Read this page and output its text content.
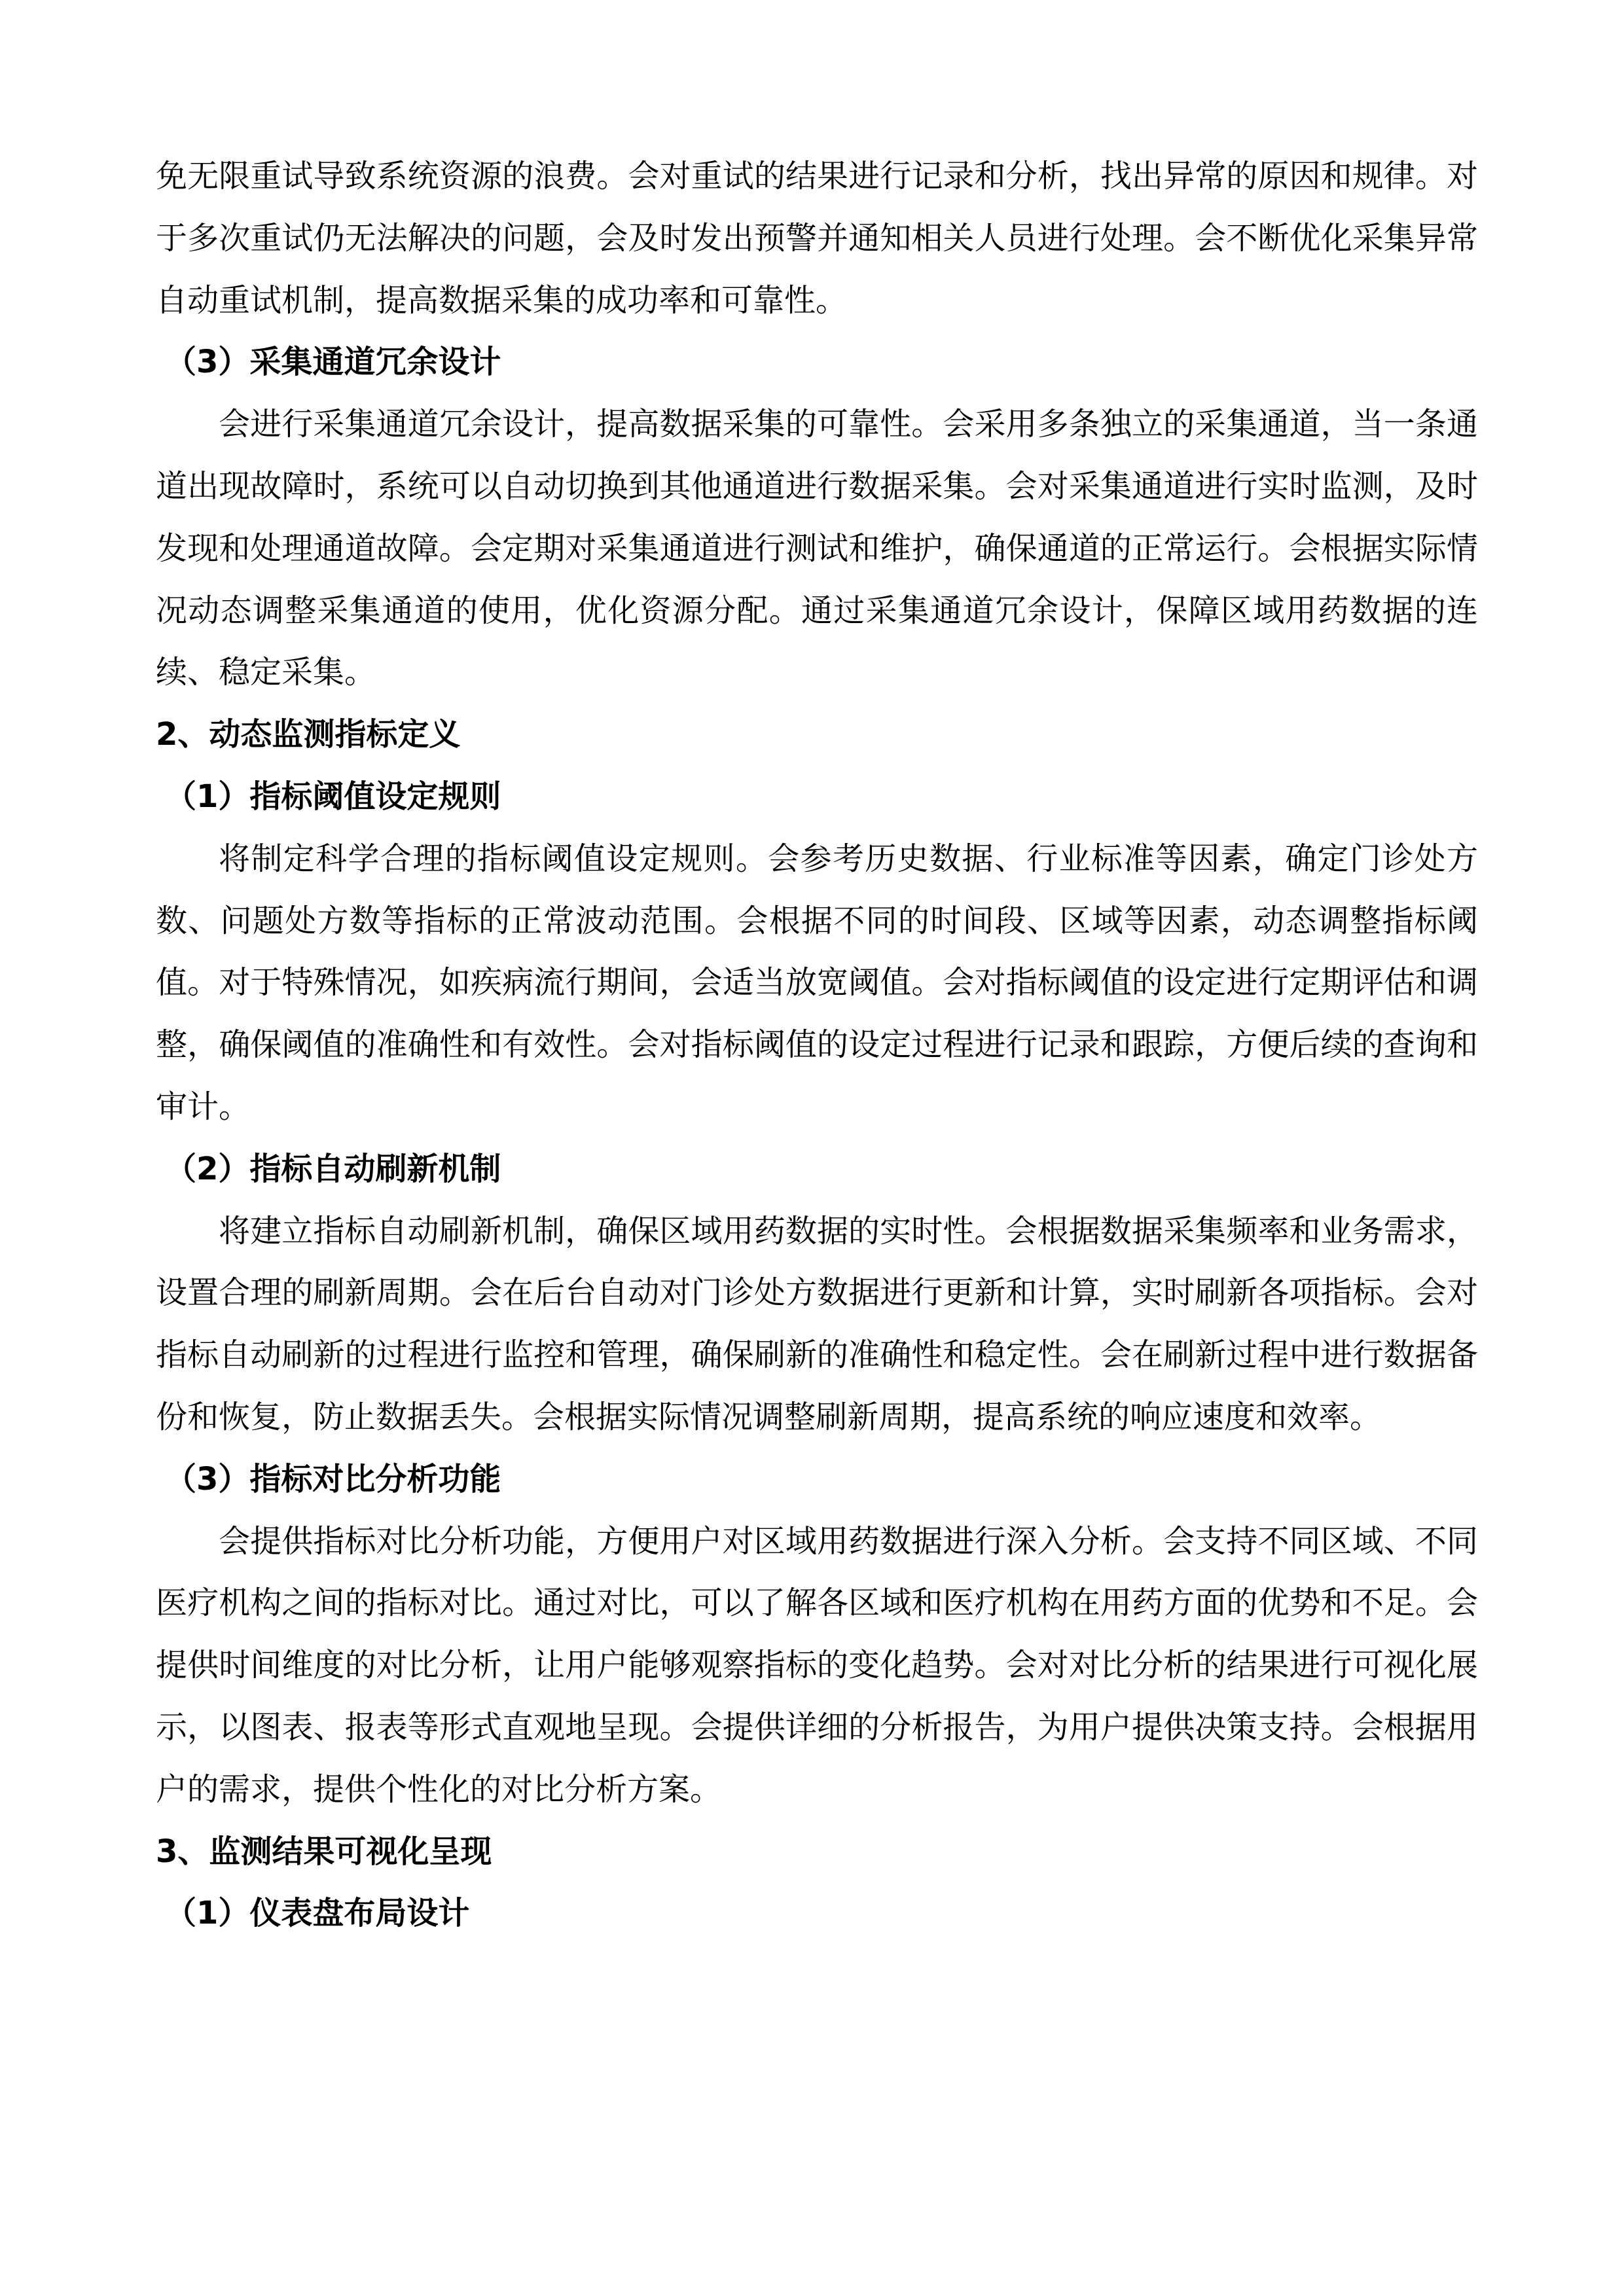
免无限重试导致系统资源的浪费。会对重试的结果进行记录和分析，找出异常的原因和规律。对于多次重试仍无法解决的问题，会及时发出预警并通知相关人员进行处理。会不断优化采集异常自动重试机制，提高数据采集的成功率和可靠性。

（3）采集通道冗余设计

会进行采集通道冗余设计，提高数据采集的可靠性。会采用多条独立的采集通道，当一条通道出现故障时，系统可以自动切换到其他通道进行数据采集。会对采集通道进行实时监测，及时发现和处理通道故障。会定期对采集通道进行测试和维护，确保通道的正常运行。会根据实际情况动态调整采集通道的使用，优化资源分配。通过采集通道冗余设计，保障区域用药数据的连续、稳定采集。

2、动态监测指标定义
（1）指标阈值设定规则

将制定科学合理的指标阈值设定规则。会参考历史数据、行业标准等因素，确定门诊处方数、问题处方数等指标的正常波动范围。会根据不同的时间段、区域等因素，动态调整指标阈值。对于特殊情况，如疾病流行期间，会适当放宽阈值。会对指标阈值的设定进行定期评估和调整，确保阈值的准确性和有效性。会对指标阈值的设定过程进行记录和跟踪，方便后续的查询和审计。

（2）指标自动刷新机制

将建立指标自动刷新机制，确保区域用药数据的实时性。会根据数据采集频率和业务需求，设置合理的刷新周期。会在后台自动对门诊处方数据进行更新和计算，实时刷新各项指标。会对指标自动刷新的过程进行监控和管理，确保刷新的准确性和稳定性。会在刷新过程中进行数据备份和恢复，防止数据丢失。会根据实际情况调整刷新周期，提高系统的响应速度和效率。

（3）指标对比分析功能

会提供指标对比分析功能，方便用户对区域用药数据进行深入分析。会支持不同区域、不同医疗机构之间的指标对比。通过对比，可以了解各区域和医疗机构在用药方面的优势和不足。会提供时间维度的对比分析，让用户能够观察指标的变化趋势。会对对比分析的结果进行可视化展示，以图表、报表等形式直观地呈现。会提供详细的分析报告，为用户提供决策支持。会根据用户的需求，提供个性化的对比分析方案。

3、监测结果可视化呈现
（1）仪表盘布局设计
